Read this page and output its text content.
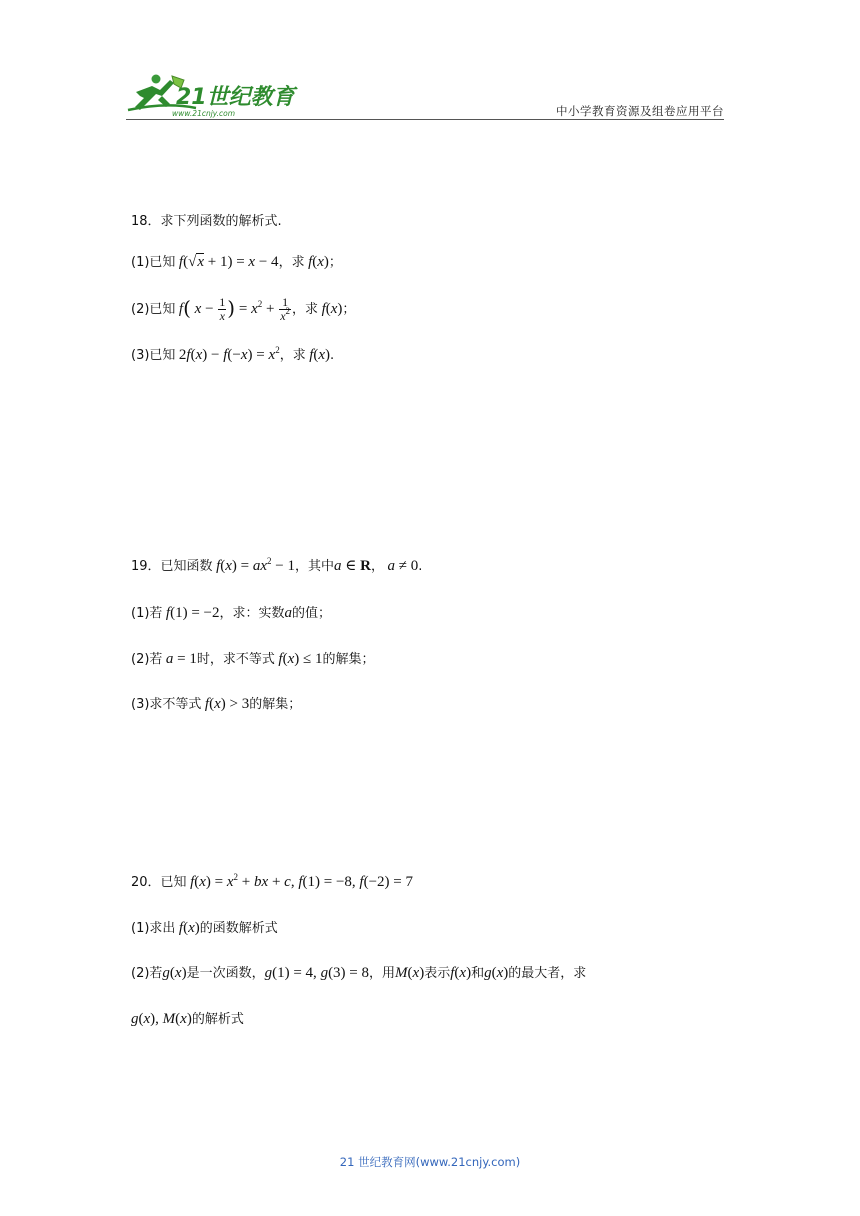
21世纪教育
www.21cnjy.com	中小学教育资源及组卷应用平台
18．求下列函数的解析式.
(1)已知 f(√x + 1) = x − 4，求 f(x)；
(2)已知 f( $x - \frac{1}{x}$ ) = $x^2 + \frac{1}{x^2}$ ，求 f(x)；
(3)已知 $2f(x) - f(-x) = x^2$，求 f(x).
19．已知函数 $f(x) = ax^2 - 1$，其中a ∈ R， a ≠ 0.
(1)若 f(1) = −2，求：实数a的值；
(2)若 a = 1时，求不等式 f(x) ≤ 1的解集；
(3)求不等式 f(x) > 3的解集；
20．已知 $f(x) = x^2$ + bx + c, f(1) = −8, f(−2) = 7
(1)求出 f(x)的函数解析式
(2)若g(x)是一次函数，g(1) = 4, g(3) = 8，用M(x)表示f(x)和g(x)的最大者，求
g(x), M(x)的解析式
21 世纪教育网(www.21cnjy.com)
